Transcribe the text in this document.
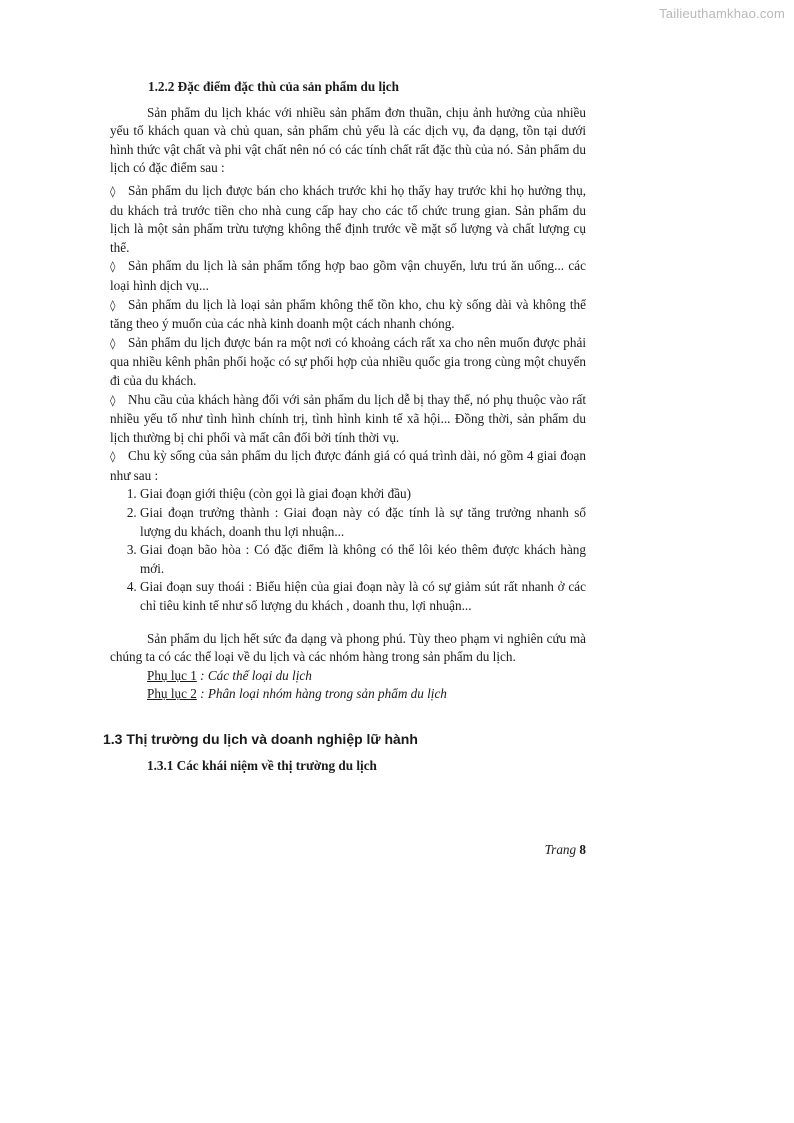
Tailieuthamkhao.com
1.2.2 Đặc điểm đặc thù của sản phẩm du lịch

Sản phẩm du lịch khác với nhiều sản phẩm đơn thuần, chịu ảnh hưởng của nhiều yếu tố khách quan và chủ quan, sản phẩm chủ yếu là các dịch vụ, đa dạng, tồn tại dưới hình thức vật chất và phi vật chất nên nó có các tính chất rất đặc thù của nó. Sản phẩm du lịch có đặc điểm sau :

◊ Sản phẩm du lịch được bán cho khách trước khi họ thấy hay trước khi họ hưởng thụ, du khách trả trước tiền cho nhà cung cấp hay cho các tổ chức trung gian. Sản phẩm du lịch là một sản phẩm trừu tượng không thể định trước về mặt số lượng và chất lượng cụ thể.

◊ Sản phẩm du lịch là sản phẩm tổng hợp bao gồm vận chuyển, lưu trú ăn uống... các loại hình dịch vụ...

◊ Sản phẩm du lịch là loại sản phẩm không thể tồn kho, chu kỳ sống dài và không thể tăng theo ý muốn của các nhà kinh doanh một cách nhanh chóng.

◊ Sản phẩm du lịch được bán ra một nơi có khoảng cách rất xa cho nên muốn được phải qua nhiều kênh phân phối hoặc có sự phối hợp của nhiều quốc gia trong cùng một chuyến đi của du khách.

◊ Nhu cầu của khách hàng đối với sản phẩm du lịch dễ bị thay thế, nó phụ thuộc vào rất nhiều yếu tố như tình hình chính trị, tình hình kinh tế xã hội... Đồng thời, sản phẩm du lịch thường bị chi phối và mất cân đối bởi tính thời vụ.

◊ Chu kỳ sống của sản phẩm du lịch được đánh giá có quá trình dài, nó gồm 4 giai đoạn như sau :

1. Giai đoạn giới thiệu (còn gọi là giai đoạn khởi đầu)
2. Giai đoạn trưởng thành : Giai đoạn này có đặc tính là sự tăng trưởng nhanh số lượng du khách, doanh thu lợi nhuận...
3. Giai đoạn bão hòa : Có đặc điểm là không có thể lôi kéo thêm được khách hàng mới.
4. Giai đoạn suy thoái : Biểu hiện của giai đoạn này là có sự giảm sút rất nhanh ở các chỉ tiêu kinh tế như số lượng du khách , doanh thu, lợi nhuận...

Sản phẩm du lịch hết sức đa dạng và phong phú. Tùy theo phạm vi nghiên cứu mà chúng ta có các thể loại về du lịch và các nhóm hàng trong sản phẩm du lịch.

Phụ lục 1 : Các thể loại du lịch
Phụ lục 2 : Phân loại nhóm hàng trong sản phẩm du lịch
1.3 Thị trường du lịch và doanh nghiệp lữ hành
1.3.1 Các khái niệm về thị trường du lịch
Trang 8
